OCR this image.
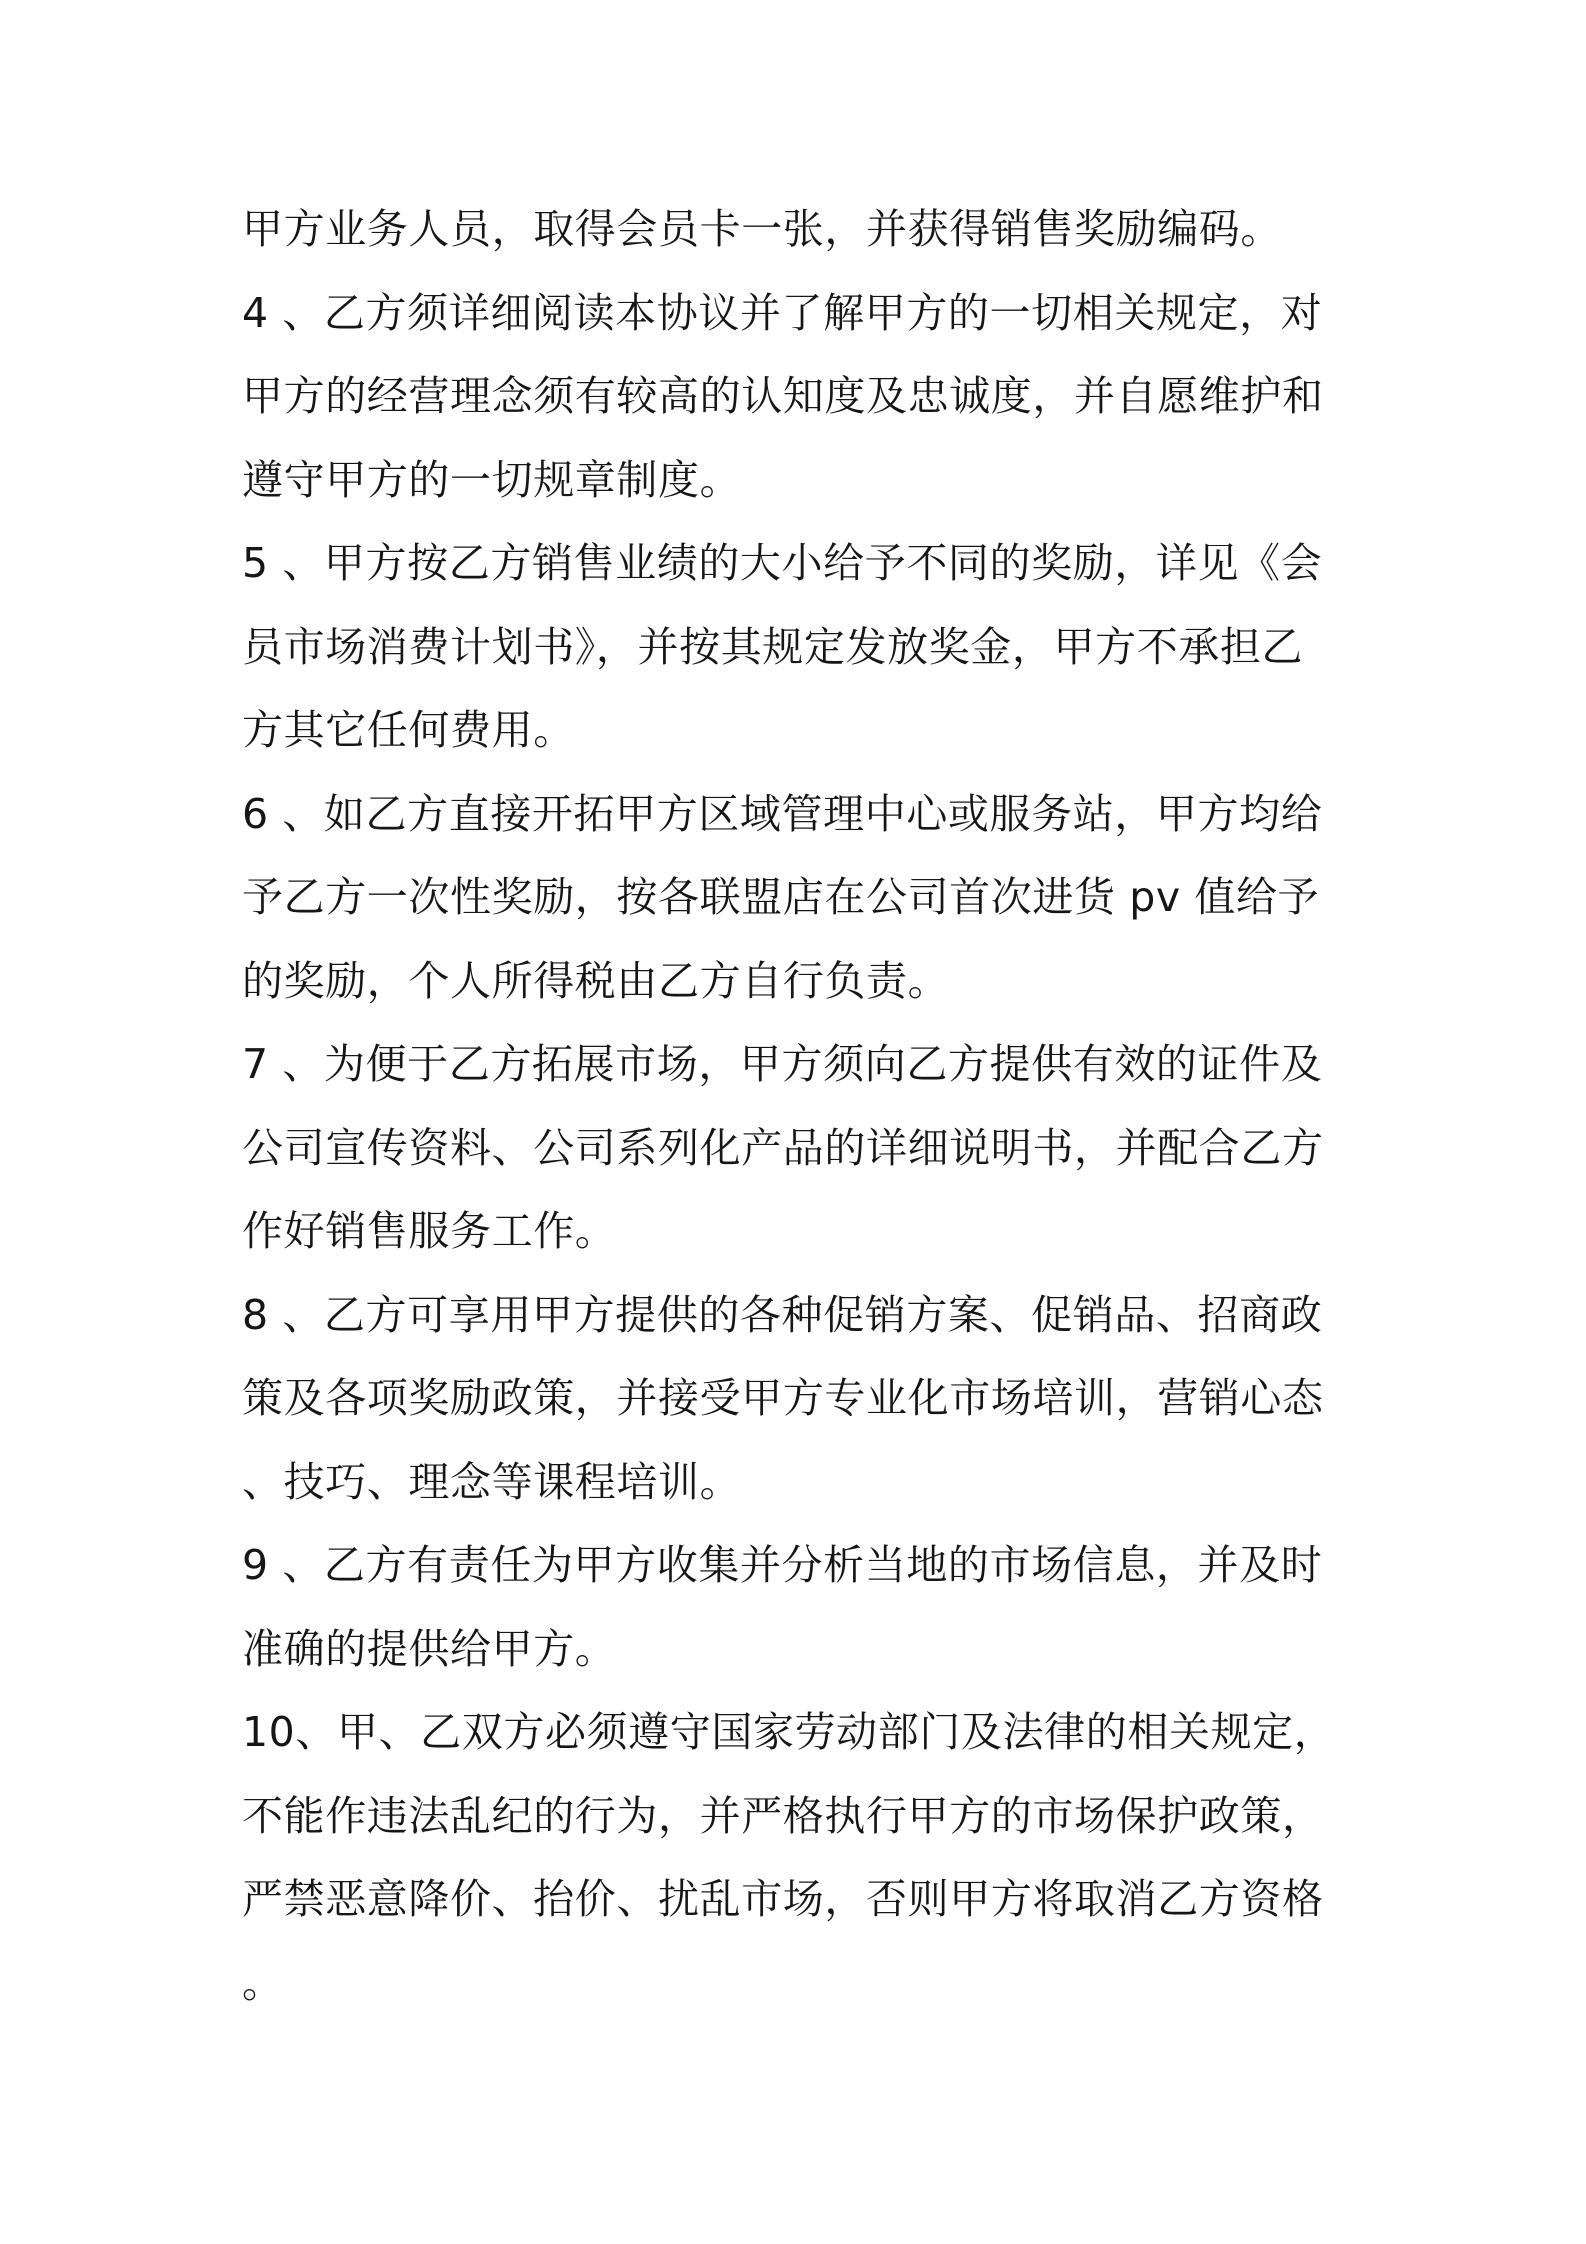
甲方业务人员，取得会员卡一张，并获得销售奖励编码。
4 、乙方须详细阅读本协议并了解甲方的一切相关规定，对
甲方的经营理念须有较高的认知度及忠诚度，并自愿维护和
遵守甲方的一切规章制度。
5 、甲方按乙方销售业绩的大小给予不同的奖励，详见《会
员市场消费计划书》，并按其规定发放奖金，甲方不承担乙
方其它任何费用。
6 、如乙方直接开拓甲方区域管理中心或服务站，甲方均给
予乙方一次性奖励，按各联盟店在公司首次进货 pv 值给予
的奖励，个人所得税由乙方自行负责。
7 、为便于乙方拓展市场，甲方须向乙方提供有效的证件及
公司宣传资料、公司系列化产品的详细说明书，并配合乙方
作好销售服务工作。
8 、乙方可享用甲方提供的各种促销方案、促销品、招商政
策及各项奖励政策，并接受甲方专业化市场培训，营销心态
、技巧、理念等课程培训。
9 、乙方有责任为甲方收集并分析当地的市场信息，并及时
准确的提供给甲方。
10、甲、乙双方必须遵守国家劳动部门及法律的相关规定，
不能作违法乱纪的行为，并严格执行甲方的市场保护政策，
严禁恶意降价、抬价、扰乱市场，否则甲方将取消乙方资格
。
